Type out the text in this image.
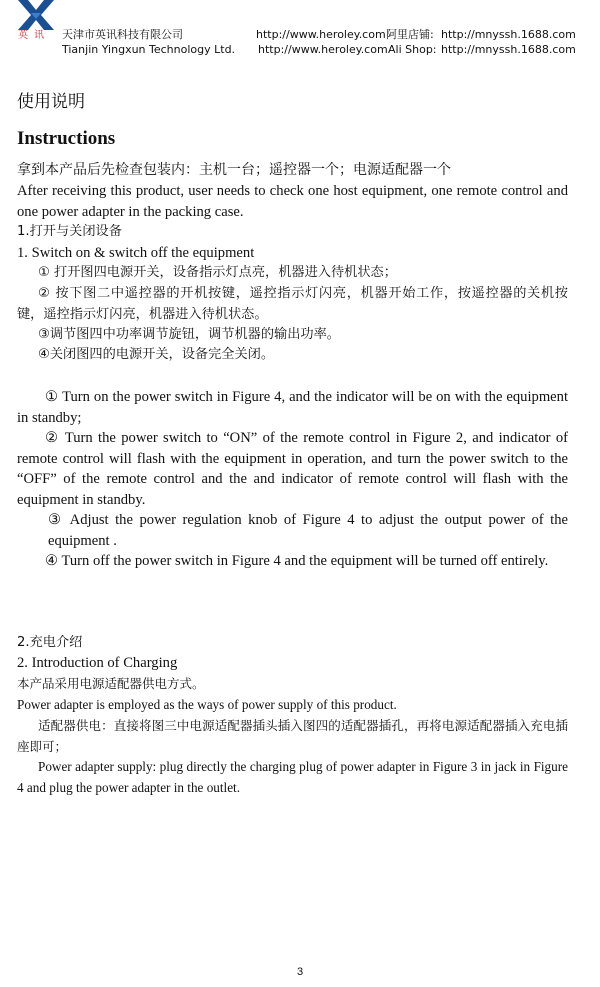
英讯 天津市英讯科技有限公司
Tianjin Yingxun Technology Ltd.
http://www.heroley.com
http://www.heroley.com
阿里店铺:
Ali Shop:
http://mnyssh.1688.com
http://mnyssh.1688.com
使用说明
Instructions
拿到本产品后先检查包装内：主机一台；遥控器一个；电源适配器一个
After receiving this product, user needs to check one host equipment, one remote control and one power adapter in the packing case.
1.打开与关闭设备
1. Switch on & switch off the equipment
① 打开图四电源开关，设备指示灯点亮，机器进入待机状态；
② 按下图二中遥控器的开机按键，遥控指示灯闪亮，机器开始工作，按遥控器的关机按键，遥控指示灯闪亮，机器进入待机状态。
③调节图四中功率调节旋钮，调节机器的输出功率。
④关闭图四的电源开关，设备完全关闭。
① Turn on the power switch in Figure 4, and the indicator will be on with the equipment in standby;
② Turn the power switch to “ON” of the remote control in Figure 2, and indicator of remote control will flash with the equipment in operation, and turn the power switch to the “OFF” of the remote control and the and indicator of remote control will flash with the equipment in standby.
③ Adjust the power regulation knob of Figure 4 to adjust the output power of the equipment .
④ Turn off the power switch in Figure 4 and the equipment will be turned off entirely.
2.充电介绍
2. Introduction of Charging
本产品采用电源适配器供电方式。
Power adapter is employed as the ways of power supply of this product.
适配器供电：直接将图三中电源适配器插头插入图四的适配器插孔，再将电源适配器插入充电插座即可；
Power adapter supply: plug directly the charging plug of power adapter in Figure 3 in jack in Figure 4 and plug the power adapter in the outlet.
3
